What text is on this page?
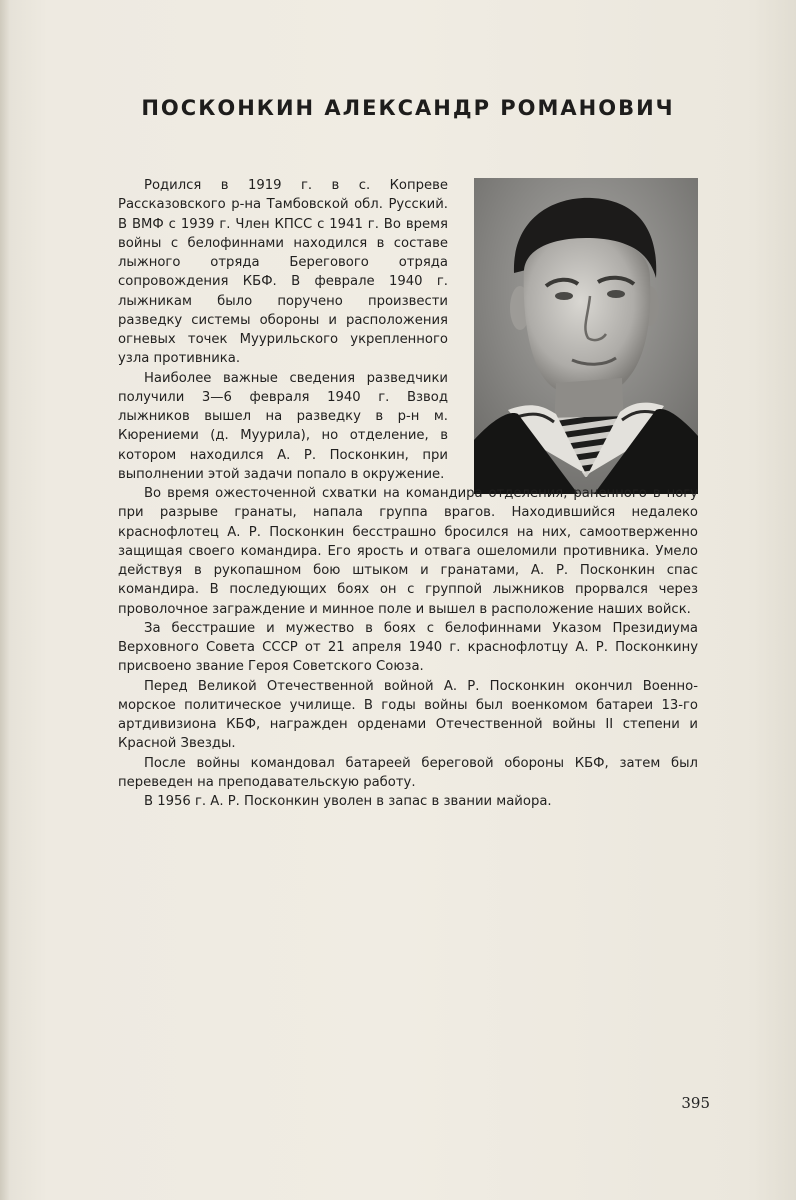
ПОСКОНКИН АЛЕКСАНДР РОМАНОВИЧ

Родился в 1919 г. в с. Копреве Рассказовского р-на Тамбовской обл. Русский. В ВМФ с 1939 г. Член КПСС с 1941 г. Во время войны с белофиннами находился в составе лыжного отряда Берегового отряда сопровождения КБФ. В феврале 1940 г. лыжникам было поручено произвести разведку системы обороны и расположения огневых точек Муурильского укрепленного узла противника.

Наиболее важные сведения разведчики получили 3—6 февраля 1940 г. Взвод лыжников вышел на разведку в р-н м. Кюрениеми (д. Муурила), но отделение, в котором находился А. Р. Посконкин, при выполнении этой задачи попало в окружение.

Во время ожесточенной схватки на командира отделения, раненного в ногу при разрыве гранаты, напала группа врагов. Находившийся недалеко краснофлотец А. Р. Посконкин бесстрашно бросился на них, самоотверженно защищая своего командира. Его ярость и отвага ошеломили противника. Умело действуя в рукопашном бою штыком и гранатами, А. Р. Посконкин спас командира. В последующих боях он с группой лыжников прорвался через проволочное заграждение и минное поле и вышел в расположение наших войск.

За бесстрашие и мужество в боях с белофиннами Указом Президиума Верховного Совета СССР от 21 апреля 1940 г. краснофлотцу А. Р. Посконкину присвоено звание Героя Советского Союза.

Перед Великой Отечественной войной А. Р. Посконкин окончил Военно-морское политическое училище. В годы войны был военкомом батареи 13-го артдивизиона КБФ, награжден орденами Отечественной войны II степени и Красной Звезды.

После войны командовал батареей береговой обороны КБФ, затем был переведен на преподавательскую работу.

В 1956 г. А. Р. Посконкин уволен в запас в звании майора.

395
